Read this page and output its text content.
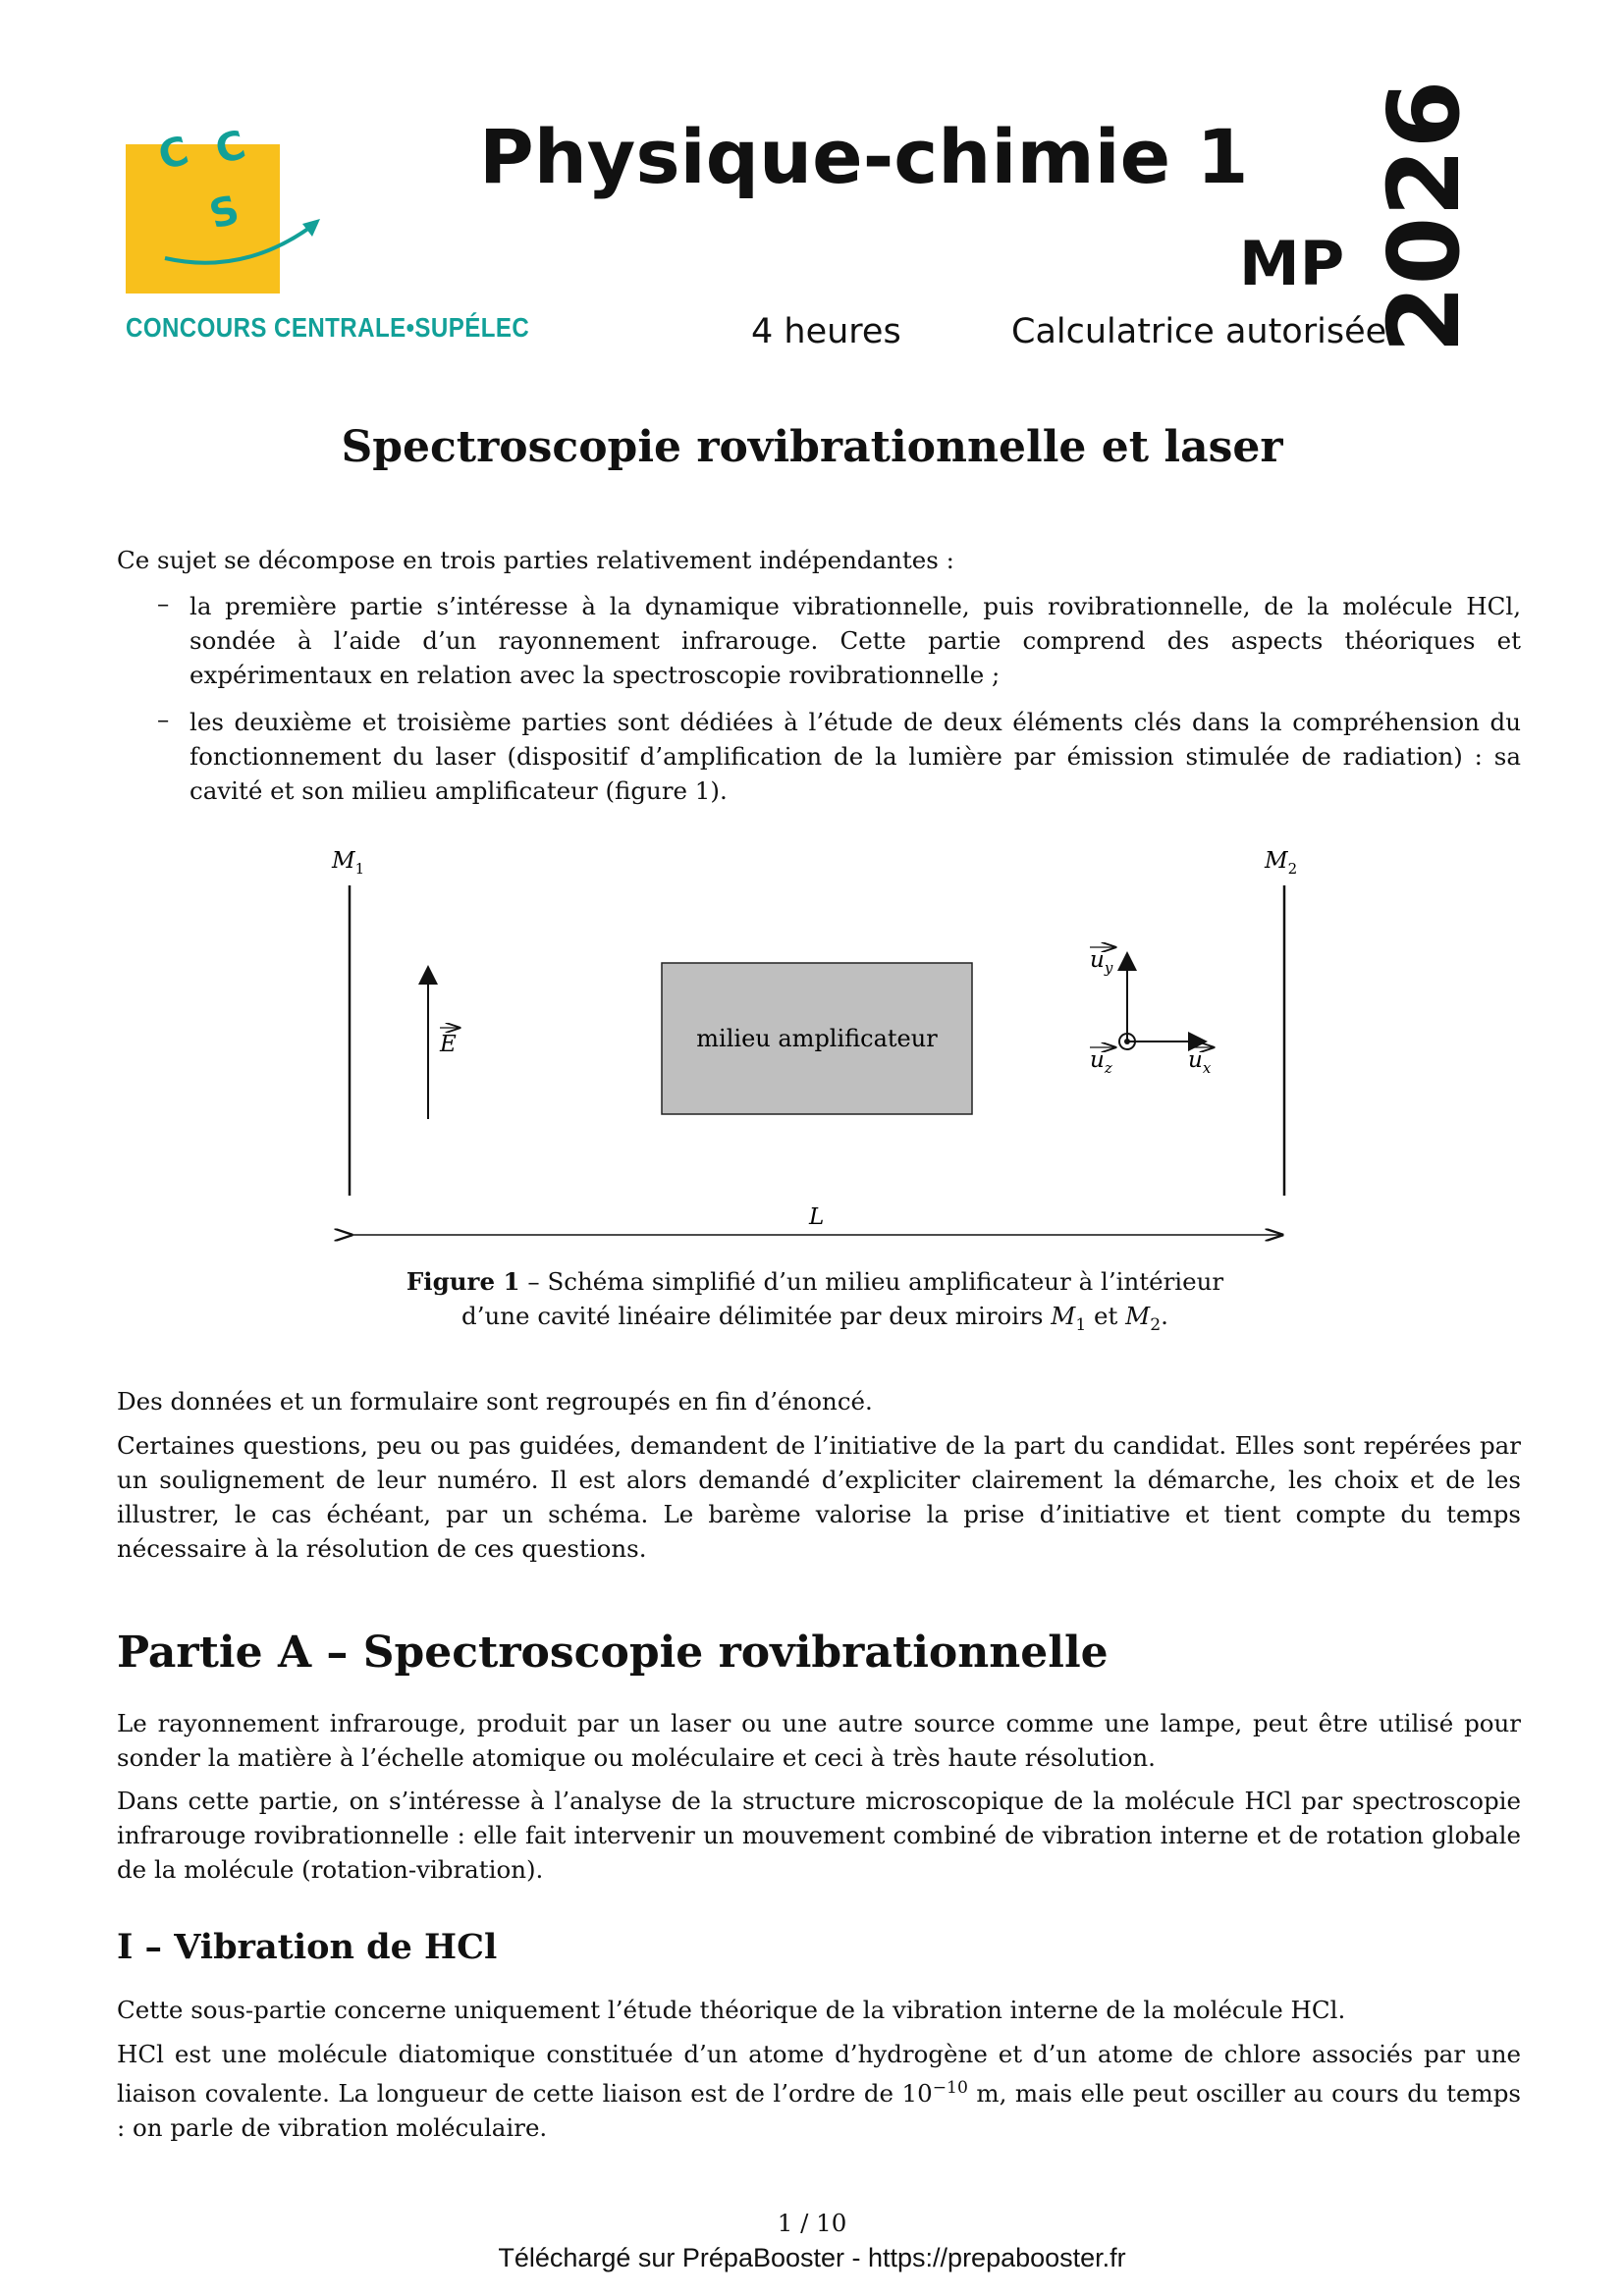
C C
S
CONCOURS CENTRALE•SUPÉLEC
Physique-chimie 1
MP
4 heures	Calculatrice autorisée
2026
Spectroscopie rovibrationnelle et laser
Ce sujet se décompose en trois parties relativement indépendantes :
– la première partie s’intéresse à la dynamique vibrationnelle, puis rovibrationnelle, de la molécule HCl, sondée à l’aide d’un rayonnement infrarouge. Cette partie comprend des aspects théoriques et expérimentaux en relation avec la spectroscopie rovibrationnelle ;
– les deuxième et troisième parties sont dédiées à l’étude de deux éléments clés dans la compréhension du fonctionnement du laser (dispositif d’amplification de la lumière par émission stimulée de radiation) : sa cavité et son milieu amplificateur (figure 1).
$M_1$	$M_2$
E	milieu amplificateur
$u_y$
$u_x$
$u_z$
L
Figure 1 – Schéma simplifié d’un milieu amplificateur à l’intérieur
d’une cavité linéaire délimitée par deux miroirs $M_1$ et $M_2$.
Des données et un formulaire sont regroupés en fin d’énoncé.
Certaines questions, peu ou pas guidées, demandent de l’initiative de la part du candidat. Elles sont repérées par un soulignement de leur numéro. Il est alors demandé d’expliciter clairement la démarche, les choix et de les illustrer, le cas échéant, par un schéma. Le barème valorise la prise d’initiative et tient compte du temps nécessaire à la résolution de ces questions.
Partie A – Spectroscopie rovibrationnelle
Le rayonnement infrarouge, produit par un laser ou une autre source comme une lampe, peut être utilisé pour sonder la matière à l’échelle atomique ou moléculaire et ceci à très haute résolution.
Dans cette partie, on s’intéresse à l’analyse de la structure microscopique de la molécule HCl par spectroscopie infrarouge rovibrationnelle : elle fait intervenir un mouvement combiné de vibration interne et de rotation globale de la molécule (rotation-vibration).
I – Vibration de HCl
Cette sous-partie concerne uniquement l’étude théorique de la vibration interne de la molécule HCl.
HCl est une molécule diatomique constituée d’un atome d’hydrogène et d’un atome de chlore associés par une liaison covalente. La longueur de cette liaison est de l’ordre de $10^{-10}$ m, mais elle peut osciller au cours du temps : on parle de vibration moléculaire.
1 / 10
Téléchargé sur PrépaBooster - https://prepabooster.fr
